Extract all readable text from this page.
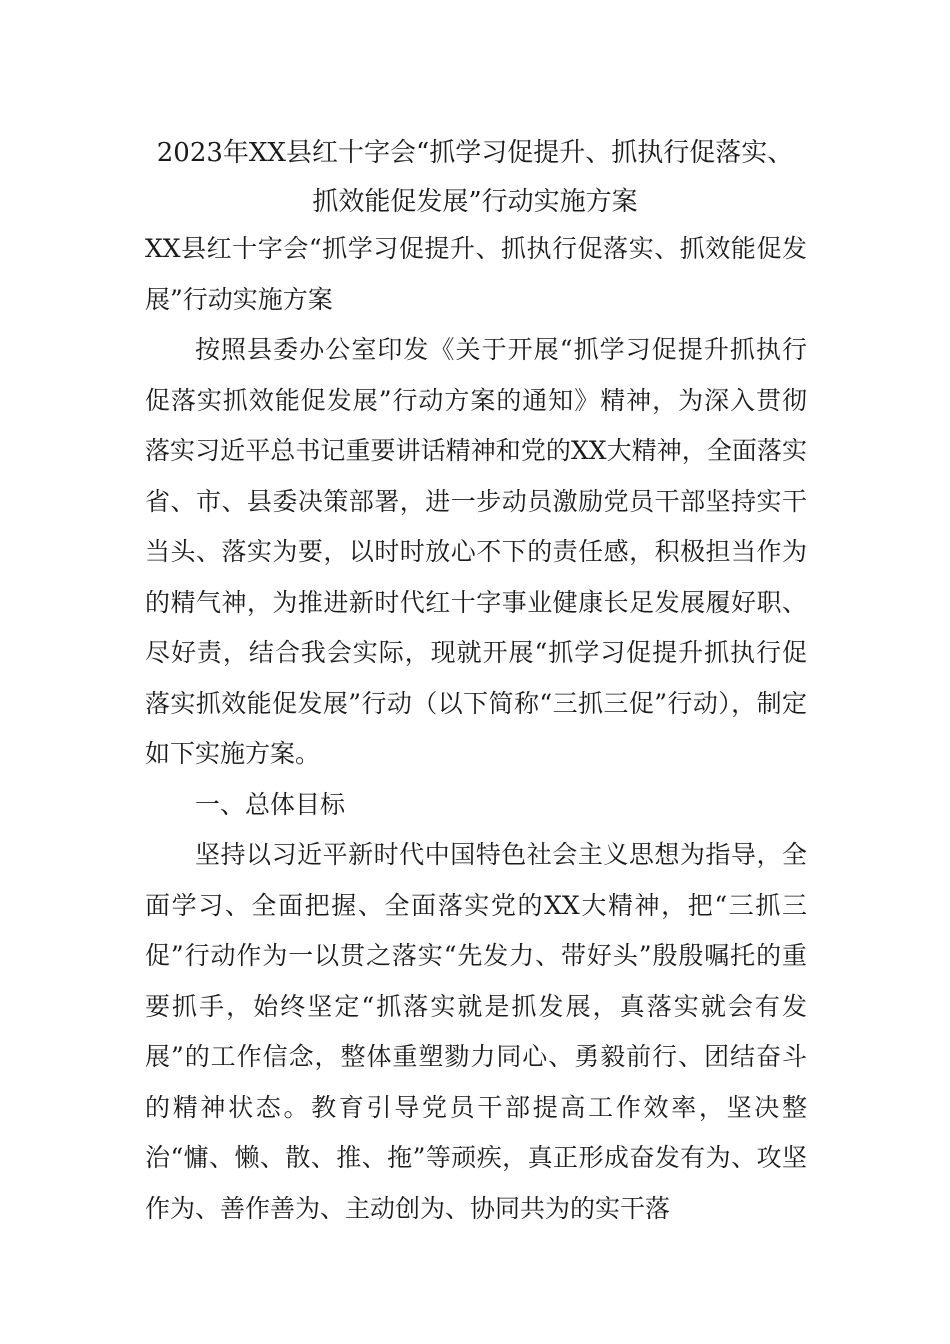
2023年XX县红十字会“抓学习促提升、抓执行促落实、
抓效能促发展”行动实施方案

XX县红十字会“抓学习促提升、抓执行促落实、抓效能促发展”行动实施方案

按照县委办公室印发《关于开展“抓学习促提升抓执行促落实抓效能促发展”行动方案的通知》精神，为深入贯彻落实习近平总书记重要讲话精神和党的XX大精神，全面落实省、市、县委决策部署，进一步动员激励党员干部坚持实干当头、落实为要，以时时放心不下的责任感，积极担当作为的精气神，为推进新时代红十字事业健康长足发展履好职、尽好责，结合我会实际，现就开展“抓学习促提升抓执行促落实抓效能促发展”行动（以下简称“三抓三促”行动），制定如下实施方案。

一、总体目标

坚持以习近平新时代中国特色社会主义思想为指导，全面学习、全面把握、全面落实党的XX大精神，把“三抓三促”行动作为一以贯之落实“先发力、带好头”殷殷嘱托的重要抓手，始终坚定“抓落实就是抓发展，真落实就会有发展”的工作信念，整体重塑勠力同心、勇毅前行、团结奋斗的精神状态。教育引导党员干部提高工作效率，坚决整治“慵、懒、散、推、拖”等顽疾，真正形成奋发有为、攻坚作为、善作善为、主动创为、协同共为的实干落
